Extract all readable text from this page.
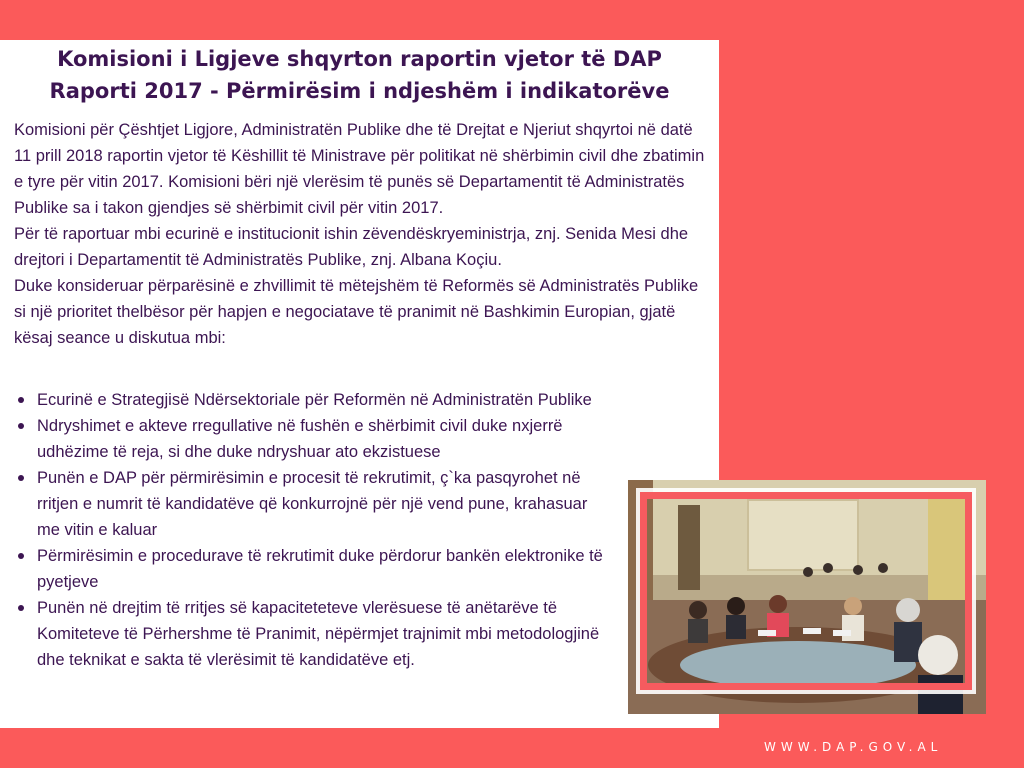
Komisioni i Ligjeve shqyrton raportin vjetor të DAP
Raporti 2017 - Përmirësim i ndjeshëm i indikatorëve

Komisioni për Çështjet Ligjore, Administratën Publike dhe të Drejtat e Njeriut shqyrtoi në datë 11 prill 2018 raportin vjetor të Këshillit të Ministrave për politikat në shërbimin civil dhe zbatimin e tyre për vitin 2017. Komisioni bëri një vlerësim të punës së Departamentit të Administratës Publike sa i takon gjendjes së shërbimit civil për vitin 2017.

Për të raportuar mbi ecurinë e institucionit ishin zëvendëskryeministrja, znj. Senida Mesi dhe drejtori i Departamentit të Administratës Publike, znj. Albana Koçiu.

Duke konsideruar përparësinë e zhvillimit të mëtejshëm të Reformës së Administratës Publike si një prioritet thelbësor për hapjen e negociatave të pranimit në Bashkimin Europian, gjatë kësaj seance u diskutua mbi:

Ecurinë e Strategjisë Ndërsektoriale për Reformën në Administratën Publike
Ndryshimet e akteve rregullative në fushën e shërbimit civil duke nxjerrë udhëzime të reja, si dhe duke ndryshuar ato ekzistuese
Punën e DAP për përmirësimin e procesit të rekrutimit, ç`ka pasqyrohet në rritjen e numrit të kandidatëve që konkurrojnë për një vend pune, krahasuar me vitin e kaluar
Përmirësimin e procedurave të rekrutimit duke përdorur bankën elektronike të pyetjeve
Punën në drejtim të rritjes së kapaciteteteve vlerësuese të anëtarëve të Komiteteve të Përhershme të Pranimit, nëpërmjet trajnimit mbi metodologjinë dhe teknikat e sakta të vlerësimit të kandidatëve etj.
WWW.DAP.GOV.AL
